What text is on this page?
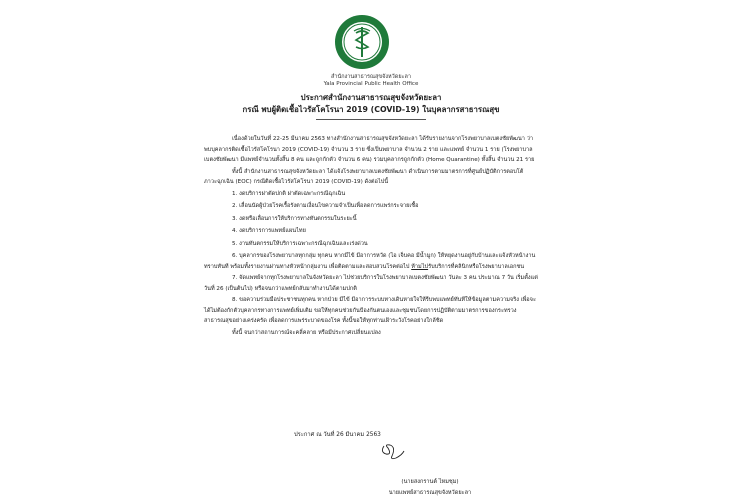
สำนักงานสาธารณสุขจังหวัดยะลา
Yala Provincial Public Health Office
ประกาศสำนักงานสาธารณสุขจังหวัดยะลา
กรณี พบผู้ติดเชื้อไวรัสโคโรนา 2019 (COVID-19) ในบุคลากรสาธารณสุข

เนื่องด้วยในวันที่ 22-25 มีนาคม 2563 ทางสำนักงานสาธารณสุขจังหวัดยะลา ได้รับรายงานจากโรงพยาบาลเบตงชัยพัฒนา ว่าพบบุคลากรติดเชื้อไวรัสโคโรนา 2019 (COVID-19) จำนวน 3 ราย ซึ่งเป็นพยาบาล จำนวน 2 ราย และแพทย์ จำนวน 1 ราย (โรงพยาบาลเบตงชัยพัฒนา มีแพทย์จำนวนทั้งสิ้น 8 คน และถูกกักตัว จำนวน 6 คน) รวมบุคลากรถูกกักตัว (Home Quarantine) ทั้งสิ้น จำนวน 21 ราย

ทั้งนี้ สำนักงานสาธารณสุขจังหวัดยะลา ได้แจ้งโรงพยาบาลเบตงชัยพัฒนา ดำเนินการตามมาตรการที่ศูนย์ปฏิบัติการตอบโต้ภาวะฉุกเฉิน (EOC) กรณีติดเชื้อไวรัสโคโรนา 2019 (COVID-19) ดังต่อไปนี้

1. งดบริการผ่าตัดปกติ ผ่าตัดเฉพาะกรณีฉุกเฉิน
2. เลื่อนนัดผู้ป่วยโรคเรื้อรังตามเงื่อนไขความจำเป็นเพื่อลดการแพร่กระจายเชื้อ
3. งดหรือเลื่อนการให้บริการทางทันตกรรมในระยะนี้
4. งดบริการการแพทย์แผนไทย
5. งานทันตกรรมให้บริการเฉพาะกรณีฉุกเฉินและเร่งด่วน

6. บุคลากรของโรงพยาบาลทุกกลุ่ม ทุกคน หากมีไข้ มีอาการหวัด (ไอ เจ็บคอ มีน้ำมูก) ให้หยุดงานอยู่กับบ้านและแจ้งหัวหน้างานทราบทันที พร้อมทั้งรายงานผ่านทางหัวหน้ากลุ่มงาน เพื่อติดตามและสอบสวนโรคต่อไป ห้ามไปรับบริการที่คลินิกหรือโรงพยาบาลเอกชน

7. จัดแพทย์จากทุกโรงพยาบาลในจังหวัดยะลา ไปช่วยบริการในโรงพยาบาลเบตงชัยพัฒนา วันละ 3 คน ประมาณ 7 วัน เริ่มตั้งแต่วันที่ 26 (เป็นต้นไป) หรือจนกว่าแพทย์กลับมาทำงานได้ตามปกติ

8. ขอความร่วมมือประชาชนทุกคน หากป่วย มีไข้ มีอาการระบบทางเดินหายใจให้รีบพบแพทย์ทันทีให้ข้อมูลตามความจริง เพื่อจะได้ไม่ต้องกักตัวบุคลากรทางการแพทย์เพิ่มเติม ขอให้ทุกคนช่วยกันป้องกันตนเองและชุมชนโดยการปฏิบัติตามมาตรการของกระทรวงสาธารณสุขอย่างเคร่งครัด เพื่อลดการแพร่ระบาดของโรค ทั้งนี้ขอให้ทุกท่านเฝ้าระวังโรคอย่างใกล้ชิด

ทั้งนี้ จนกว่าสถานการณ์จะคลี่คลาย หรือมีประกาศเปลี่ยนแปลง

ประกาศ ณ วันที่ 26 มีนาคม 2563
(นายสงกรานต์ ไหมชุม)
นายแพทย์สาธารณสุขจังหวัดยะลา
